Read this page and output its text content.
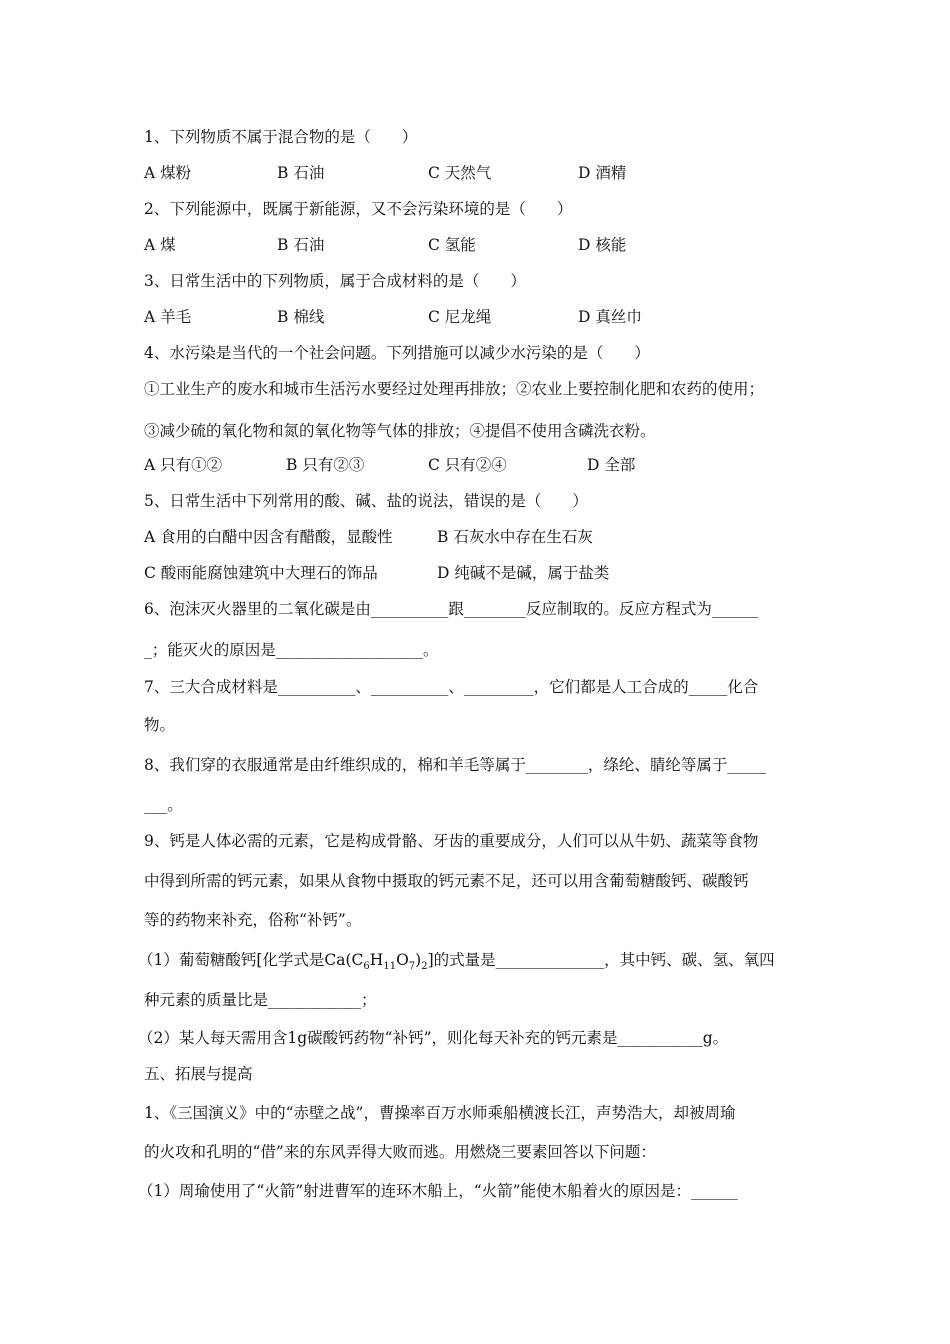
1、下列物质不属于混合物的是（　　）
A 煤粉	B 石油	C 天然气	D 酒精
2、下列能源中，既属于新能源，又不会污染环境的是（　　）
A 煤	B 石油	C 氢能	D 核能
3、日常生活中的下列物质，属于合成材料的是（　　）
A 羊毛	B 棉线	C 尼龙绳	D 真丝巾
4、水污染是当代的一个社会问题。下列措施可以减少水污染的是（　　）
①工业生产的废水和城市生活污水要经过处理再排放；②农业上要控制化肥和农药的使用；
③减少硫的氧化物和氮的氧化物等气体的排放；④提倡不使用含磷洗衣粉。
A 只有①②	B 只有②③	C 只有②④	D 全部
5、日常生活中下列常用的酸、碱、盐的说法，错误的是（　　）
A 食用的白醋中因含有醋酸，显酸性	B 石灰水中存在生石灰
C 酸雨能腐蚀建筑中大理石的饰品	D 纯碱不是碱，属于盐类
6、泡沫灭火器里的二氧化碳是由__________跟________反应制取的。反应方程式为______
_；能灭火的原因是___________________。
7、三大合成材料是__________、__________、_________，它们都是人工合成的_____化合
物。
8、我们穿的衣服通常是由纤维织成的，棉和羊毛等属于________，绦纶、腈纶等属于_____
___。
9、钙是人体必需的元素，它是构成骨骼、牙齿的重要成分，人们可以从牛奶、蔬菜等食物
中得到所需的钙元素，如果从食物中摄取的钙元素不足，还可以用含葡萄糖酸钙、碳酸钙
等的药物来补充，俗称“补钙”。
（1）葡萄糖酸钙[化学式是$Ca(C_6H_{11}O_7)_2$]的式量是______________，其中钙、碳、氢、氧四
种元素的质量比是____________；
（2）某人每天需用含1g碳酸钙药物“补钙”，则化每天补充的钙元素是___________g。
五、拓展与提高
1、《三国演义》中的“赤壁之战”，曹操率百万水师乘船横渡长江，声势浩大，却被周瑜
的火攻和孔明的“借”来的东风弄得大败而逃。用燃烧三要素回答以下问题：
（1）周瑜使用了“火箭”射进曹军的连环木船上，“火箭”能使木船着火的原因是：______
